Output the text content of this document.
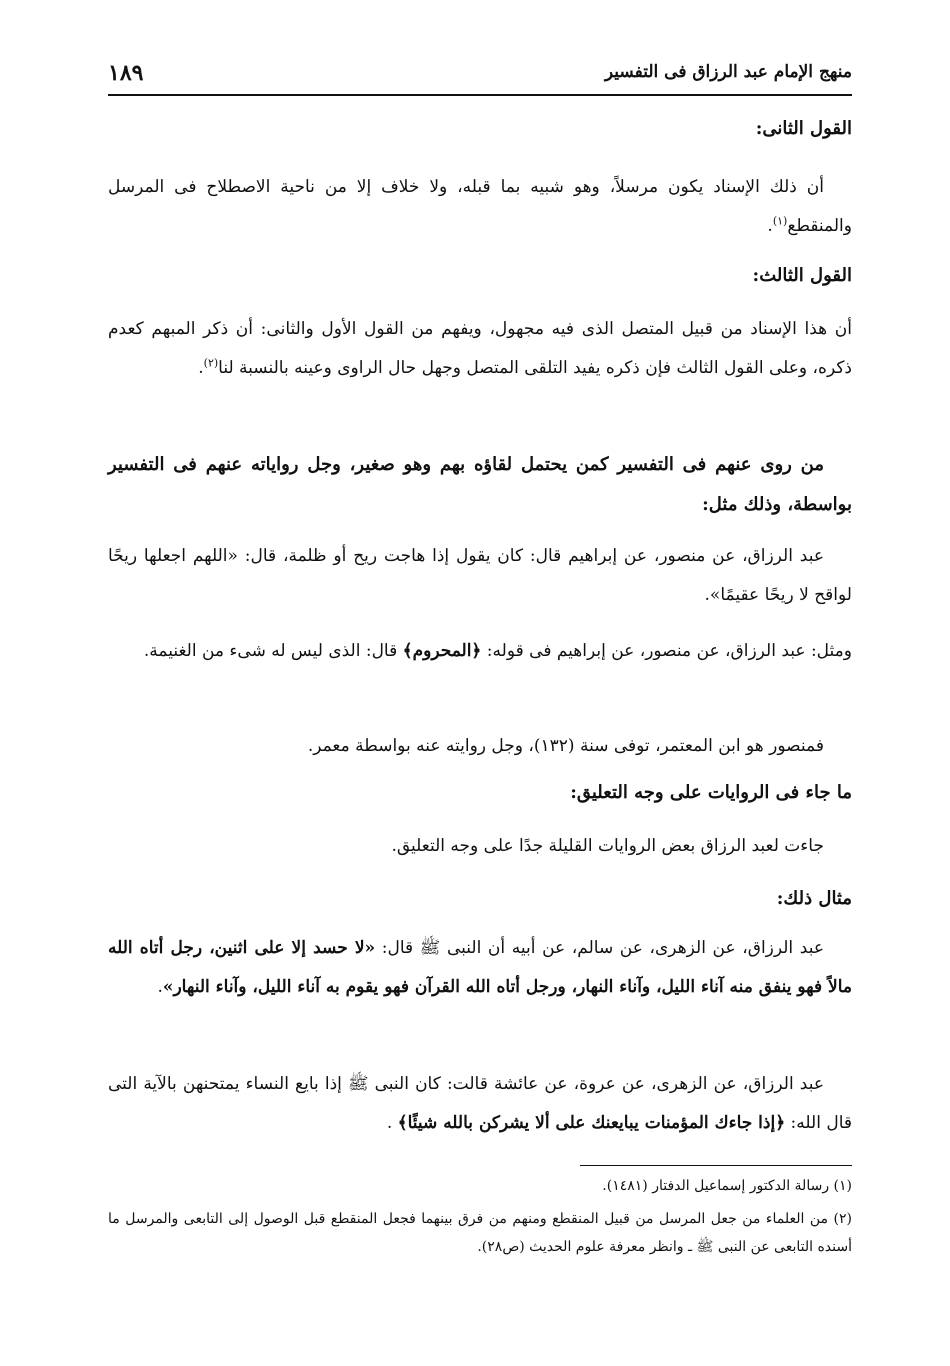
منهج الإمام عبد الرزاق فى التفسير
١٨٩
القول الثانى:

أن ذلك الإسناد يكون مرسلاً، وهو شبيه بما قبله، ولا خلاف إلا من ناحية الاصطلاح فى المرسل والمنقطع$^{(١)}$.

القول الثالث:

أن هذا الإسناد من قبيل المتصل الذى فيه مجهول، ويفهم من القول الأول والثانى: أن ذكر المبهم كعدم ذكره، وعلى القول الثالث فإن ذكره يفيد التلقى المتصل وجهل حال الراوى وعينه بالنسبة لنا$^{(٢)}$.

من روى عنهم فى التفسير كمن يحتمل لقاؤه بهم وهو صغير، وجل رواياته عنهم فى التفسير بواسطة، وذلك مثل:

عبد الرزاق، عن منصور، عن إبراهيم قال: كان يقول إذا هاجت ريح أو ظلمة، قال: «اللهم اجعلها ريحًا لواقح لا ريحًا عقيمًا».

ومثل: عبد الرزاق، عن منصور، عن إبراهيم فى قوله: ﴿المحروم﴾ قال: الذى ليس له شىء من الغنيمة.

فمنصور هو ابن المعتمر، توفى سنة (١٣٢)، وجل روايته عنه بواسطة معمر.

ما جاء فى الروايات على وجه التعليق:

جاءت لعبد الرزاق بعض الروايات القليلة جدًا على وجه التعليق.

مثال ذلك:

عبد الرزاق، عن الزهرى، عن سالم، عن أبيه أن النبى ﷺ قال: «لا حسد إلا على اثنين، رجل أتاه الله مالاً فهو ينفق منه آناء الليل، وآناء النهار، ورجل أتاه الله القرآن فهو يقوم به آناء الليل، وآناء النهار».

عبد الرزاق، عن الزهرى، عن عروة، عن عائشة قالت: كان النبى ﷺ إذا بايع النساء يمتحنهن بالآية التى قال الله: ﴿إذا جاءك المؤمنات يبايعنك على ألا يشركن بالله شيئًا﴾ .

(١) رسالة الدكتور إسماعيل الدفتار (١٤٨١).

(٢) من العلماء من جعل المرسل من قبيل المنقطع ومنهم من فرق بينهما فجعل المنقطع قبل الوصول إلى التابعى والمرسل ما أسنده التابعى عن النبى ﷺ ـ وانظر معرفة علوم الحديث (ص٢٨).
